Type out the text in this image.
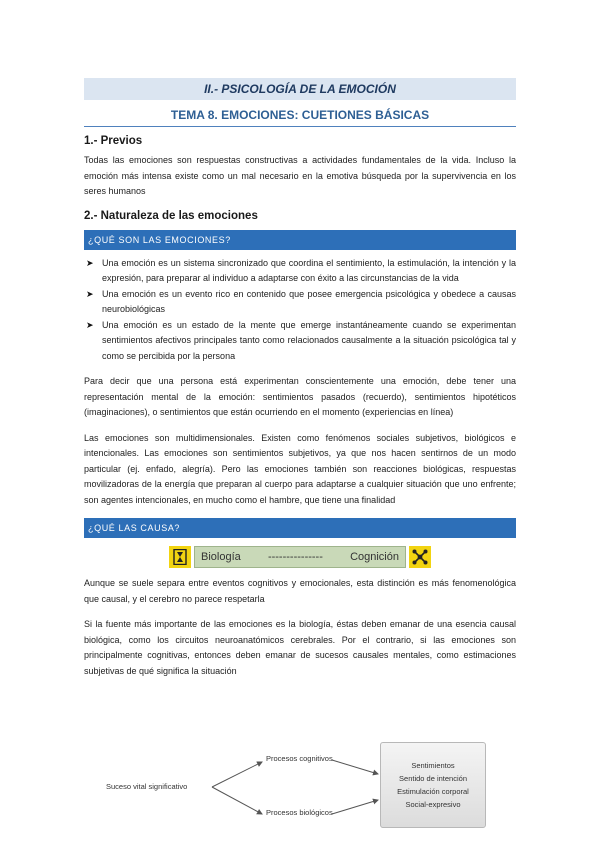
II.- PSICOLOGÍA DE LA EMOCIÓN
TEMA 8. EMOCIONES: CUETIONES BÁSICAS
1.- Previos

Todas las emociones son respuestas constructivas a actividades fundamentales de la vida. Incluso la emoción más intensa existe como un mal necesario en la emotiva búsqueda por la supervivencia en los seres humanos

2.- Naturaleza de las emociones
¿QUÉ SON LAS EMOCIONES?
➤ Una emoción es un sistema sincronizado que coordina el sentimiento, la estimulación, la intención y la expresión, para preparar al individuo a adaptarse con éxito a las circunstancias de la vida
➤ Una emoción es un evento rico en contenido que posee emergencia psicológica y obedece a causas neurobiológicas
➤ Una emoción es un estado de la mente que emerge instantáneamente cuando se experimentan sentimientos afectivos principales tanto como relacionados causalmente a la situación psicológica tal y como se percibida por la persona

Para decir que una persona está experimentan conscientemente una emoción, debe tener una representación mental de la emoción: sentimientos pasados (recuerdo), sentimientos hipotéticos (imaginaciones), o sentimientos que están ocurriendo en el momento (experiencias en línea)

Las emociones son multidimensionales. Existen como fenómenos sociales subjetivos, biológicos e intencionales. Las emociones son sentimientos subjetivos, ya que nos hacen sentirnos de un modo particular (ej. enfado, alegría). Pero las emociones también son reacciones biológicas, respuestas movilizadoras de la energía que preparan al cuerpo para adaptarse a cualquier situación que uno enfrente; son agentes intencionales, en mucho como el hambre, que tiene una finalidad

¿QUÉ LAS CAUSA?
Biología --------------- Cognición

Aunque se suele separa entre eventos cognitivos y emocionales, esta distinción es más fenomenológica que causal, y el cerebro no parece respetarla

Si la fuente más importante de las emociones es la biología, éstas deben emanar de una esencia causal biológica, como los circuitos neuroanatómicos cerebrales. Por el contrario, si las emociones son principalmente cognitivas, entonces deben emanar de sucesos causales mentales, como estimaciones subjetivas de qué significa la situación

Suceso vital significativo
Procesos cognitivos
Procesos biológicos
Sentimientos
Sentido de intención
Estimulación corporal
Social-expresivo
